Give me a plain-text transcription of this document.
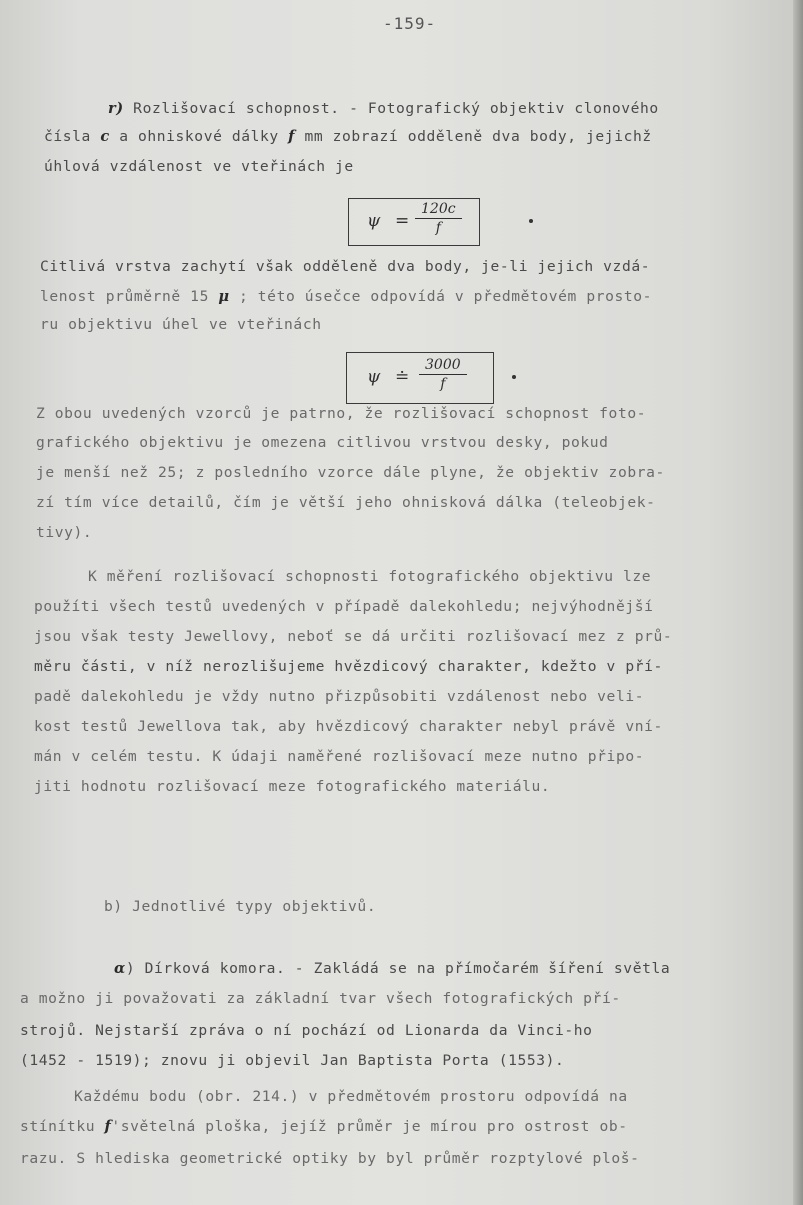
-159-
r) Rozlišovací schopnost. - Fotografický objektiv clonového
čísla c a ohniskové dálky f mm zobrazí odděleně dva body, jejichž
úhlová vzdálenost ve vteřinách je
$\psi = \frac{120c}{f}$
Citlivá vrstva zachytí však odděleně dva body, je-li jejich vzdá-
lenost průměrně 15 μ ; této úsečce odpovídá v předmětovém prosto-
ru objektivu úhel ve vteřinách
ψ ≐ $\frac{3000}{f}$
Z obou uvedených vzorců je patrno, že rozlišovací schopnost foto-
grafického objektivu je omezena citlivou vrstvou desky, pokud
je menší než 25; z posledního vzorce dále plyne, že objektiv zobra-
zí tím více detailů, čím je větší jeho ohnisková dálka (teleobjek-
tivy).
K měření rozlišovací schopnosti fotografického objektivu lze
použíti všech testů uvedených v případě dalekohledu; nejvýhodnější
jsou však testy Jewellovy, neboť se dá určiti rozlišovací mez z prů-
měru části, v níž nerozlišujeme hvězdicový charakter, kdežto v pří-
padě dalekohledu je vždy nutno přizpůsobiti vzdálenost nebo veli-
kost testů Jewellova tak, aby hvězdicový charakter nebyl právě vní-
mán v celém testu. K údaji naměřené rozlišovací meze nutno připo-
jiti hodnotu rozlišovací meze fotografického materiálu.
b) Jednotlivé typy objektivů.
α) Dírková komora. - Zakládá se na přímočarém šíření světla
a možno ji považovati za základní tvar všech fotografických pří-
strojů. Nejstarší zpráva o ní pochází od Lionarda da Vinci-ho
(1452 - 1519); znovu ji objevil Jan Baptista Porta (1553).
Každému bodu (obr. 214.) v předmětovém prostoru odpovídá na
stínítku f'světelná ploška, jejíž průměr je mírou pro ostrost ob-
razu. S hlediska geometrické optiky by byl průměr rozptylové ploš-
